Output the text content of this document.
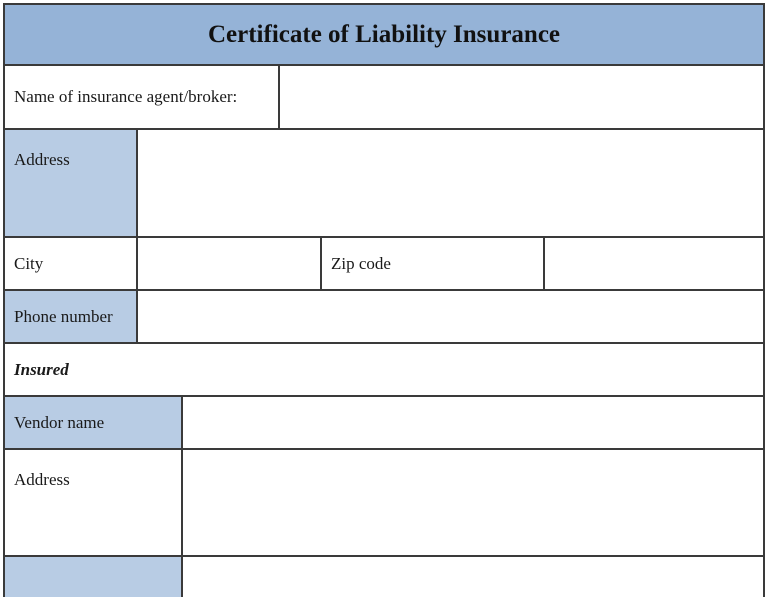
Certificate of Liability Insurance
Name of insurance agent/broker:
Address
City	Zip code
Phone number
Insured
Vendor name
Address
